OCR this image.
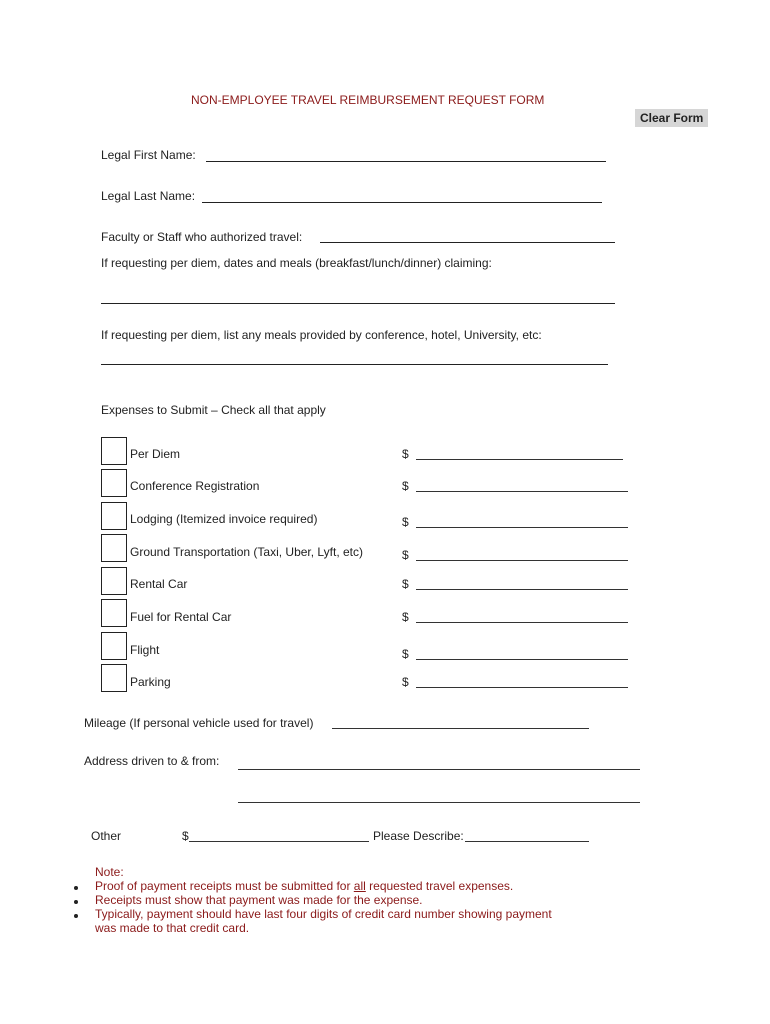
NON-EMPLOYEE TRAVEL REIMBURSEMENT REQUEST FORM
Clear Form
Legal First Name:
Legal Last Name:
Faculty or Staff who authorized travel:
If requesting per diem, dates and meals (breakfast/lunch/dinner) claiming:
If requesting per diem, list any meals provided by conference, hotel, University, etc:
Expenses to Submit – Check all that apply
Per Diem	$
Conference Registration	$
Lodging (Itemized invoice required)	$
Ground Transportation (Taxi, Uber, Lyft, etc)	$
Rental Car	$
Fuel for Rental Car	$
Flight	$
Parking	$
Mileage (If personal vehicle used for travel)
Address driven to & from:
Other	$	Please Describe:
Note:
Proof of payment receipts must be submitted for all requested travel expenses.
Receipts must show that payment was made for the expense.
Typically, payment should have last four digits of credit card number showing payment
was made to that credit card.
